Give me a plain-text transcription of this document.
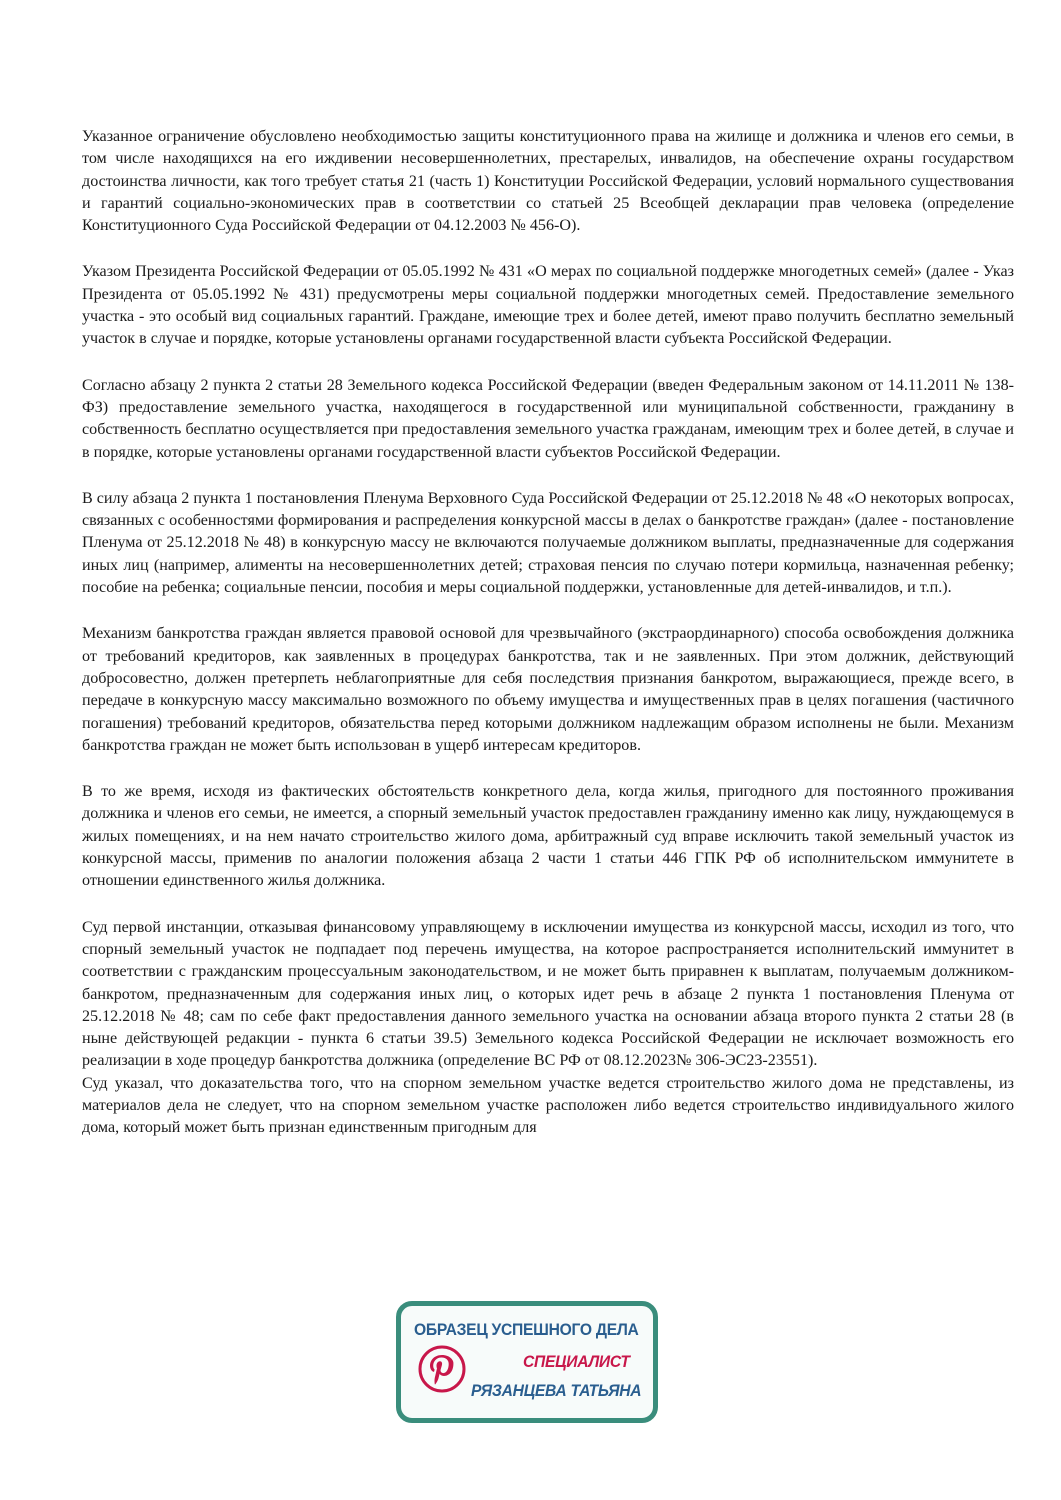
Указанное ограничение обусловлено необходимостью защиты конституционного права на жилище и должника и членов его семьи, в том числе находящихся на его иждивении несовершеннолетних, престарелых, инвалидов, на обеспечение охраны государством достоинства личности, как того требует статья 21 (часть 1) Конституции Российской Федерации, условий нормального существования и гарантий социально-экономических прав в соответствии со статьей 25 Всеобщей декларации прав человека (определение Конституционного Суда Российской Федерации от 04.12.2003 № 456-О).

Указом Президента Российской Федерации от 05.05.1992 № 431 «О мерах по социальной поддержке многодетных семей» (далее - Указ Президента от 05.05.1992 № 431) предусмотрены меры социальной поддержки многодетных семей. Предоставление земельного участка - это особый вид социальных гарантий. Граждане, имеющие трех и более детей, имеют право получить бесплатно земельный участок в случае и порядке, которые установлены органами государственной власти субъекта Российской Федерации.

Согласно абзацу 2 пункта 2 статьи 28 Земельного кодекса Российской Федерации (введен Федеральным законом от 14.11.2011 № 138-ФЗ) предоставление земельного участка, находящегося в государственной или муниципальной собственности, гражданину в собственность бесплатно осуществляется при предоставления земельного участка гражданам, имеющим трех и более детей, в случае и в порядке, которые установлены органами государственной власти субъектов Российской Федерации.

В силу абзаца 2 пункта 1 постановления Пленума Верховного Суда Российской Федерации от 25.12.2018 № 48 «О некоторых вопросах, связанных с особенностями формирования и распределения конкурсной массы в делах о банкротстве граждан» (далее - постановление Пленума от 25.12.2018 № 48) в конкурсную массу не включаются получаемые должником выплаты, предназначенные для содержания иных лиц (например, алименты на несовершеннолетних детей; страховая пенсия по случаю потери кормильца, назначенная ребенку; пособие на ребенка; социальные пенсии, пособия и меры социальной поддержки, установленные для детей-инвалидов, и т.п.).

Механизм банкротства граждан является правовой основой для чрезвычайного (экстраординарного) способа освобождения должника от требований кредиторов, как заявленных в процедурах банкротства, так и не заявленных. При этом должник, действующий добросовестно, должен претерпеть неблагоприятные для себя последствия признания банкротом, выражающиеся, прежде всего, в передаче в конкурсную массу максимально возможного по объему имущества и имущественных прав в целях погашения (частичного погашения) требований кредиторов, обязательства перед которыми должником надлежащим образом исполнены не были. Механизм банкротства граждан не может быть использован в ущерб интересам кредиторов.

В то же время, исходя из фактических обстоятельств конкретного дела, когда жилья, пригодного для постоянного проживания должника и членов его семьи, не имеется, а спорный земельный участок предоставлен гражданину именно как лицу, нуждающемуся в жилых помещениях, и на нем начато строительство жилого дома, арбитражный суд вправе исключить такой земельный участок из конкурсной массы, применив по аналогии положения абзаца 2 части 1 статьи 446 ГПК РФ об исполнительском иммунитете в отношении единственного жилья должника.

Суд первой инстанции, отказывая финансовому управляющему в исключении имущества из конкурсной массы, исходил из того, что спорный земельный участок не подпадает под перечень имущества, на которое распространяется исполнительский иммунитет в соответствии с гражданским процессуальным законодательством, и не может быть приравнен к выплатам, получаемым должником-банкротом, предназначенным для содержания иных лиц, о которых идет речь в абзаце 2 пункта 1 постановления Пленума от 25.12.2018 № 48; сам по себе факт предоставления данного земельного участка на основании абзаца второго пункта 2 статьи 28 (в ныне действующей редакции - пункта 6 статьи 39.5) Земельного кодекса Российской Федерации не исключает возможность его реализации в ходе процедур банкротства должника (определение ВС РФ от 08.12.2023№ 306-ЭС23-23551).

Суд указал, что доказательства того, что на спорном земельном участке ведется строительство жилого дома не представлены, из материалов дела не следует, что на спорном земельном участке расположен либо ведется строительство индивидуального жилого дома, который может быть признан единственным пригодным для

ОБРАЗЕЦ УСПЕШНОГО ДЕЛА
СПЕЦИАЛИСТ
РЯЗАНЦЕВА ТАТЬЯНА
